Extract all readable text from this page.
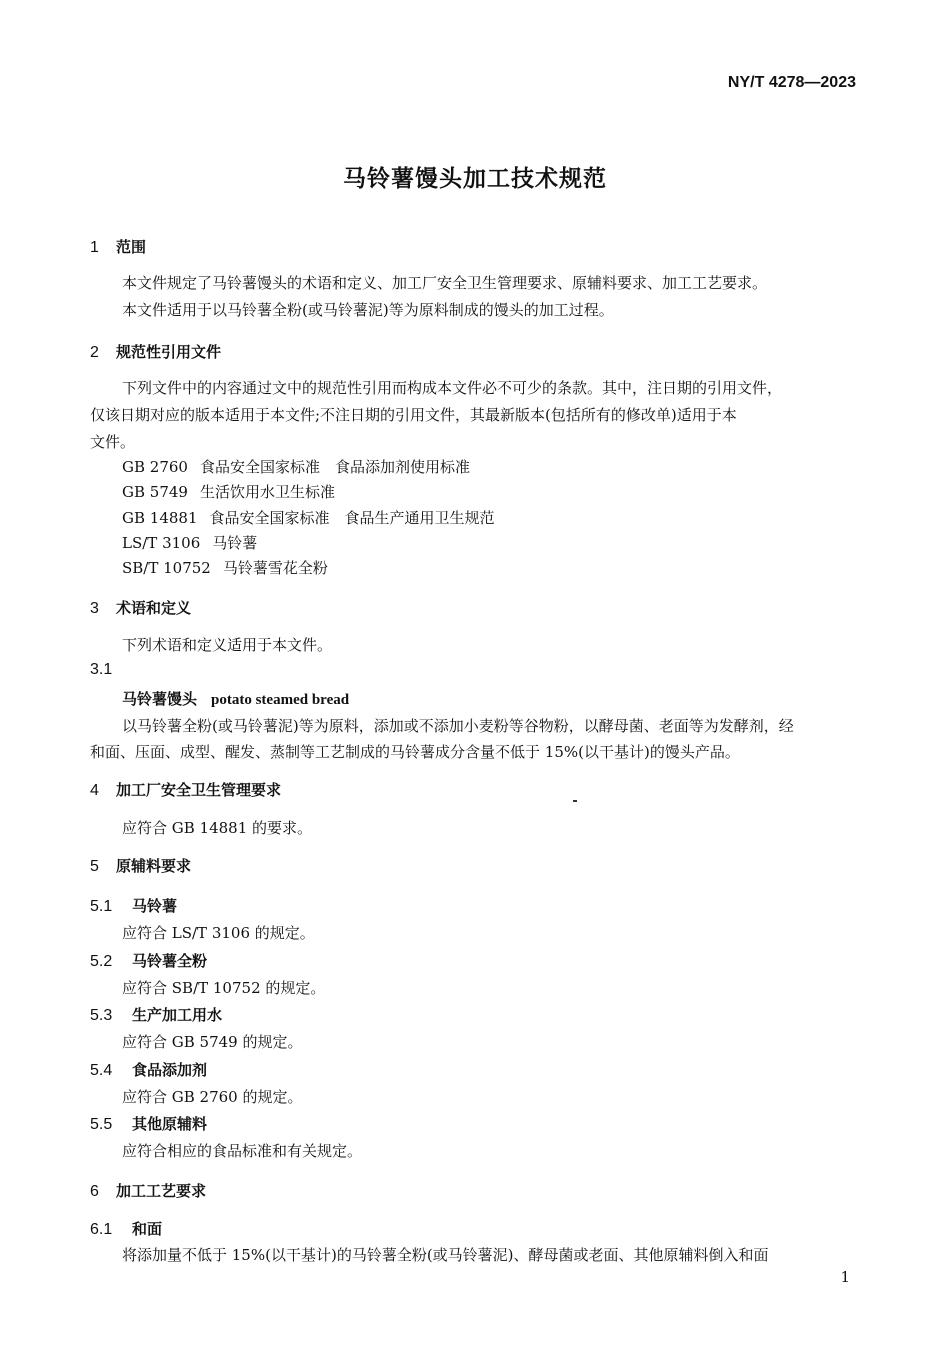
NY/T 4278—2023
马铃薯馒头加工技术规范
1 范围
本文件规定了马铃薯馒头的术语和定义、加工厂安全卫生管理要求、原辅料要求、加工工艺要求。
本文件适用于以马铃薯全粉(或马铃薯泥)等为原料制成的馒头的加工过程。
2 规范性引用文件
下列文件中的内容通过文中的规范性引用而构成本文件必不可少的条款。其中，注日期的引用文件，
仅该日期对应的版本适用于本文件;不注日期的引用文件，其最新版本(包括所有的修改单)适用于本
文件。
GB 2760 食品安全国家标准　食品添加剂使用标准
GB 5749 生活饮用水卫生标准
GB 14881 食品安全国家标准　食品生产通用卫生规范
LS/T 3106 马铃薯
SB/T 10752 马铃薯雪花全粉
3 术语和定义
下列术语和定义适用于本文件。
3.1
马铃薯馒头 potato steamed bread
以马铃薯全粉(或马铃薯泥)等为原料，添加或不添加小麦粉等谷物粉，以酵母菌、老面等为发酵剂，经
和面、压面、成型、醒发、蒸制等工艺制成的马铃薯成分含量不低于 15%(以干基计)的馒头产品。
4 加工厂安全卫生管理要求
应符合 GB 14881 的要求。
5 原辅料要求
5.1 马铃薯
应符合 LS/T 3106 的规定。
5.2 马铃薯全粉
应符合 SB/T 10752 的规定。
5.3 生产加工用水
应符合 GB 5749 的规定。
5.4 食品添加剂
应符合 GB 2760 的规定。
5.5 其他原辅料
应符合相应的食品标准和有关规定。
6 加工工艺要求
6.1 和面
将添加量不低于 15%(以干基计)的马铃薯全粉(或马铃薯泥)、酵母菌或老面、其他原辅料倒入和面
1
